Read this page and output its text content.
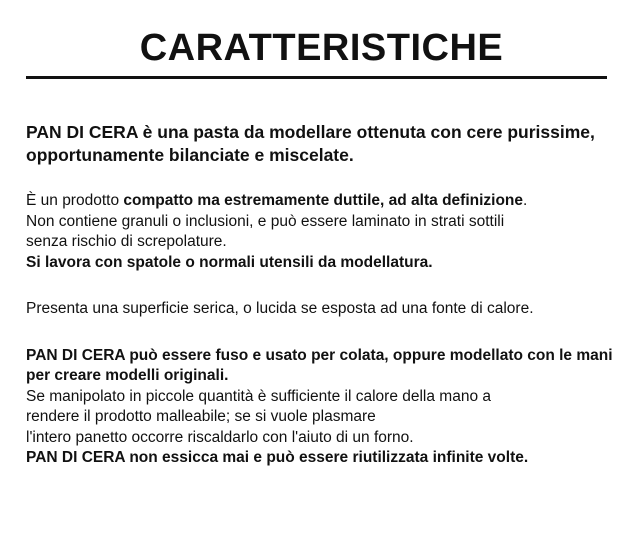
CARATTERISTICHE

PAN DI CERA è una pasta da modellare ottenuta con cere purissime, opportunamente bilanciate e miscelate.

È un prodotto compatto ma estremamente duttile, ad alta definizione.
Non contiene granuli o inclusioni, e può essere laminato in strati sottili
senza rischio di screpolature.

Si lavora con spatole o normali utensili da modellatura.

Presenta una superficie serica, o lucida se esposta ad una fonte di calore.

PAN DI CERA può essere fuso e usato per colata, oppure modellato con le mani per creare modelli originali.
Se manipolato in piccole quantità è sufficiente il calore della mano a
rendere il prodotto malleabile; se si vuole plasmare
l'intero panetto occorre riscaldarlo con l'aiuto di un forno.

PAN DI CERA non essicca mai e può essere riutilizzata infinite volte.
